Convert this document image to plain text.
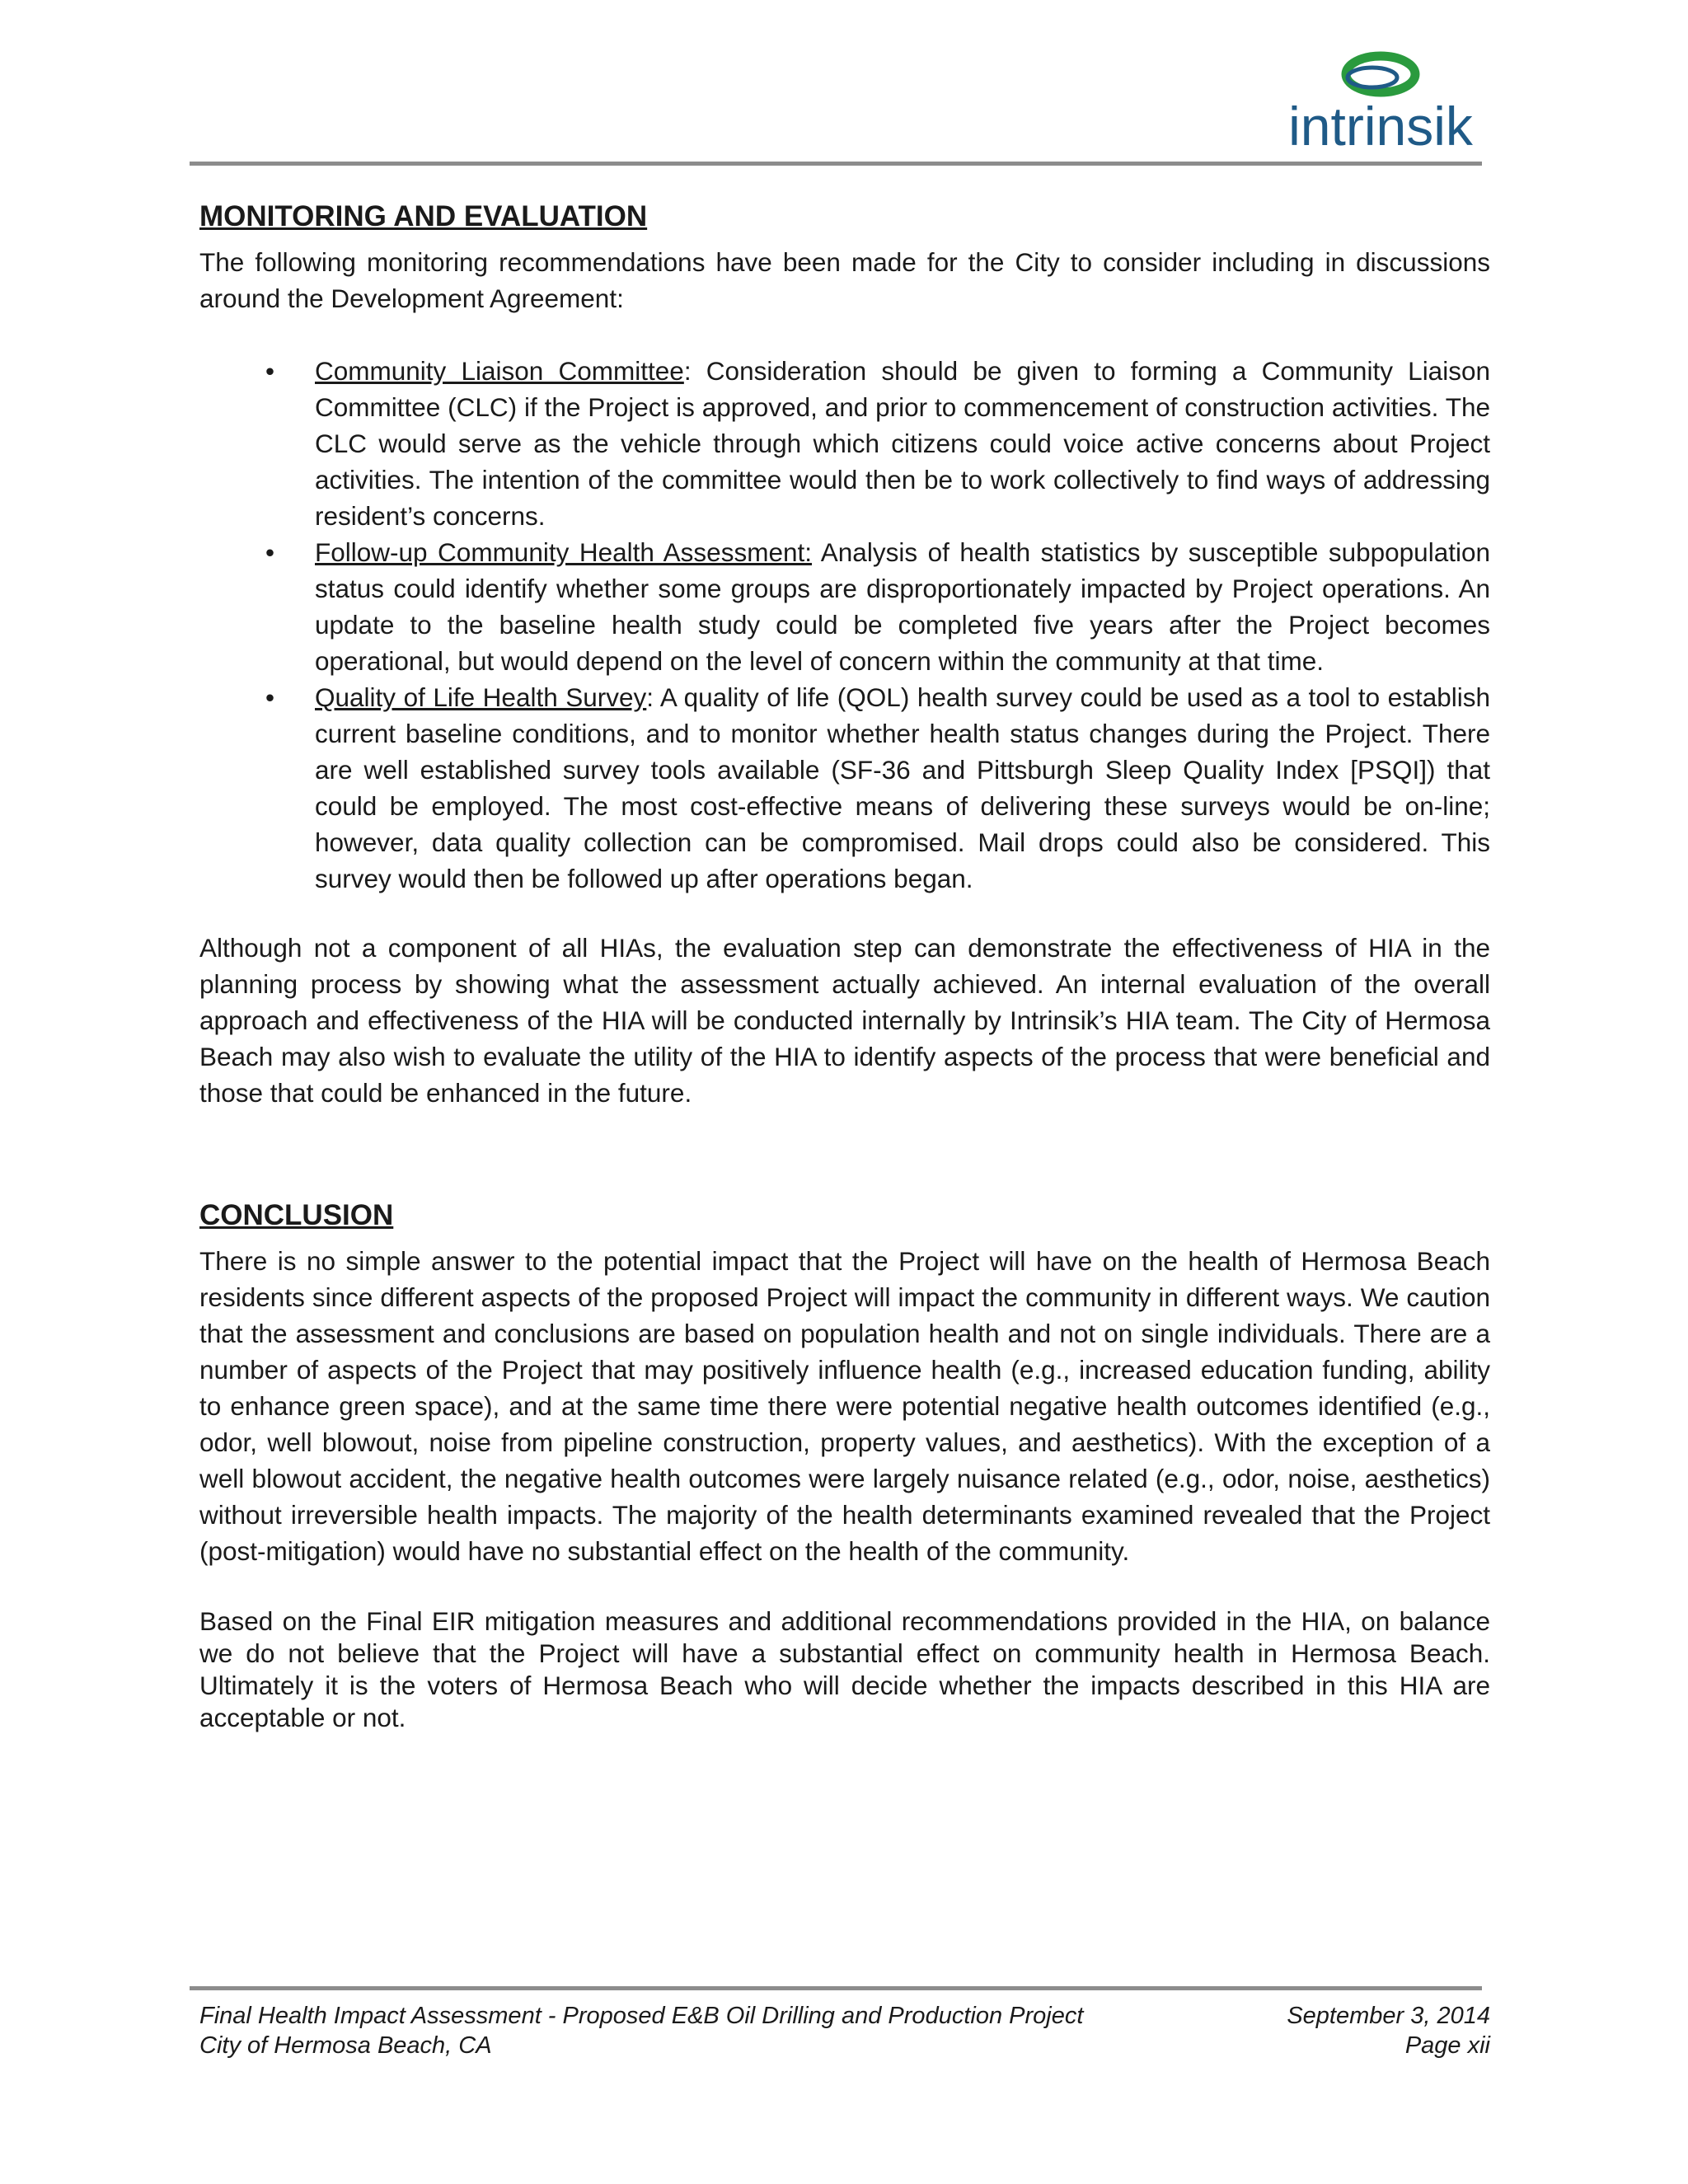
intrinsik
MONITORING AND EVALUATION

The following monitoring recommendations have been made for the City to consider including in discussions around the Development Agreement:

• Community Liaison Committee: Consideration should be given to forming a Community Liaison Committee (CLC) if the Project is approved, and prior to commencement of construction activities. The CLC would serve as the vehicle through which citizens could voice active concerns about Project activities. The intention of the committee would then be to work collectively to find ways of addressing resident’s concerns.
• Follow-up Community Health Assessment: Analysis of health statistics by susceptible subpopulation status could identify whether some groups are disproportionately impacted by Project operations. An update to the baseline health study could be completed five years after the Project becomes operational, but would depend on the level of concern within the community at that time.
• Quality of Life Health Survey: A quality of life (QOL) health survey could be used as a tool to establish current baseline conditions, and to monitor whether health status changes during the Project. There are well established survey tools available (SF-36 and Pittsburgh Sleep Quality Index [PSQI]) that could be employed. The most cost-effective means of delivering these surveys would be on-line; however, data quality collection can be compromised. Mail drops could also be considered. This survey would then be followed up after operations began.

Although not a component of all HIAs, the evaluation step can demonstrate the effectiveness of HIA in the planning process by showing what the assessment actually achieved. An internal evaluation of the overall approach and effectiveness of the HIA will be conducted internally by Intrinsik’s HIA team. The City of Hermosa Beach may also wish to evaluate the utility of the HIA to identify aspects of the process that were beneficial and those that could be enhanced in the future.

CONCLUSION

There is no simple answer to the potential impact that the Project will have on the health of Hermosa Beach residents since different aspects of the proposed Project will impact the community in different ways. We caution that the assessment and conclusions are based on population health and not on single individuals. There are a number of aspects of the Project that may positively influence health (e.g., increased education funding, ability to enhance green space), and at the same time there were potential negative health outcomes identified (e.g., odor, well blowout, noise from pipeline construction, property values, and aesthetics). With the exception of a well blowout accident, the negative health outcomes were largely nuisance related (e.g., odor, noise, aesthetics) without irreversible health impacts. The majority of the health determinants examined revealed that the Project (post-mitigation) would have no substantial effect on the health of the community.

Based on the Final EIR mitigation measures and additional recommendations provided in the HIA, on balance we do not believe that the Project will have a substantial effect on community health in Hermosa Beach. Ultimately it is the voters of Hermosa Beach who will decide whether the impacts described in this HIA are acceptable or not.

Final Health Impact Assessment - Proposed E&B Oil Drilling and Production Project	September 3, 2014
City of Hermosa Beach, CA	Page xii
